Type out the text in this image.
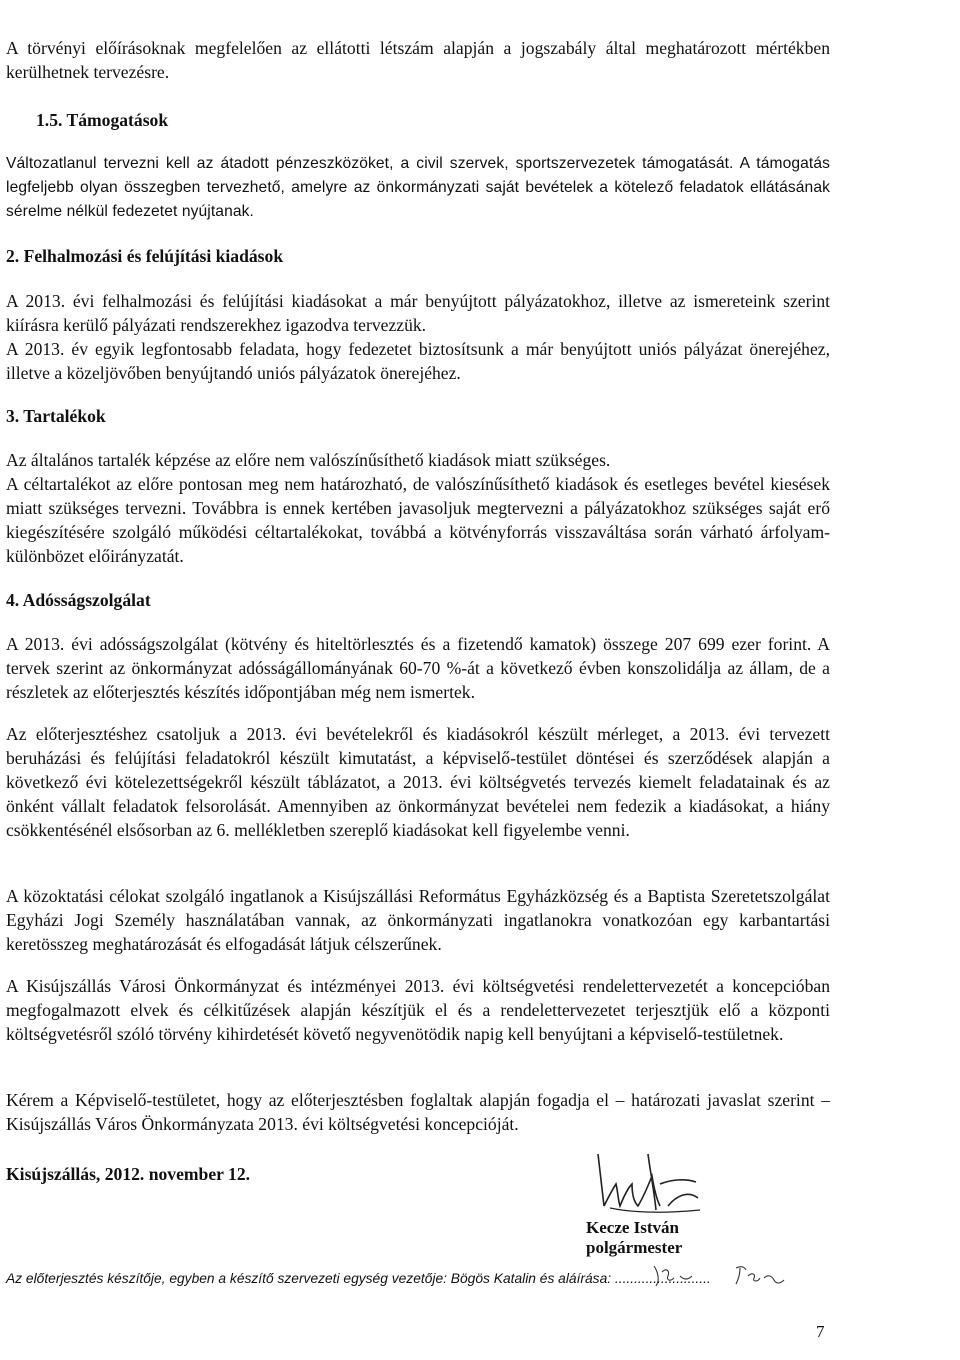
A törvényi előírásoknak megfelelően az ellátotti létszám alapján a jogszabály által meghatározott mértékben kerülhetnek tervezésre.

1.5. Támogatások

Változatlanul tervezni kell az átadott pénzeszközöket, a civil szervek, sportszervezetek támogatását. A támogatás legfeljebb olyan összegben tervezhető, amelyre az önkormányzati saját bevételek a kötelező feladatok ellátásának sérelme nélkül fedezetet nyújtanak.

2. Felhalmozási és felújítási kiadások

A 2013. évi felhalmozási és felújítási kiadásokat a már benyújtott pályázatokhoz, illetve az ismereteink szerint kiírásra kerülő pályázati rendszerekhez igazodva tervezzük.

A 2013. év egyik legfontosabb feladata, hogy fedezetet biztosítsunk a már benyújtott uniós pályázat önerejéhez, illetve a közeljövőben benyújtandó uniós pályázatok önerejéhez.

3. Tartalékok

Az általános tartalék képzése az előre nem valószínűsíthető kiadások miatt szükséges.

A céltartalékot az előre pontosan meg nem határozható, de valószínűsíthető kiadások és esetleges bevétel kiesések miatt szükséges tervezni. Továbbra is ennek kertében javasoljuk megtervezni a pályázatokhoz szükséges saját erő kiegészítésére szolgáló működési céltartalékokat, továbbá a kötvényforrás visszaváltása során várható árfolyam-különbözet előirányzatát.

4. Adósságszolgálat

A 2013. évi adósságszolgálat (kötvény és hiteltörlesztés és a fizetendő kamatok) összege 207 699 ezer forint. A tervek szerint az önkormányzat adósságállományának 60-70 %-át a következő évben konszolidálja az állam, de a részletek az előterjesztés készítés időpontjában még nem ismertek.

Az előterjesztéshez csatoljuk a 2013. évi bevételekről és kiadásokról készült mérleget, a 2013. évi tervezett beruházási és felújítási feladatokról készült kimutatást, a képviselő-testület döntései és szerződések alapján a következő évi kötelezettségekről készült táblázatot, a 2013. évi költségvetés tervezés kiemelt feladatainak és az önként vállalt feladatok felsorolását. Amennyiben az önkormányzat bevételei nem fedezik a kiadásokat, a hiány csökkentésénél elsősorban az 6. mellékletben szereplő kiadásokat kell figyelembe venni.

A közoktatási célokat szolgáló ingatlanok a Kisújszállási Református Egyházközség és a Baptista Szeretetszolgálat Egyházi Jogi Személy használatában vannak, az önkormányzati ingatlanokra vonatkozóan egy karbantartási keretösszeg meghatározását és elfogadását látjuk célszerűnek.

A Kisújszállás Városi Önkormányzat és intézményei 2013. évi költségvetési rendelettervezetét a koncepcióban megfogalmazott elvek és célkitűzések alapján készítjük el és a rendelettervezetet terjesztjük elő a központi költségvetésről szóló törvény kihirdetését követő negyvenötödik napig kell benyújtani a képviselő-testületnek.

Kérem a Képviselő-testületet, hogy az előterjesztésben foglaltak alapján fogadja el – határozati javaslat szerint – Kisújszállás Város Önkormányzata 2013. évi költségvetési koncepcióját.

Kisújszállás, 2012. november 12.

Kecze István
polgármester
Az előterjesztés készítője, egyben a készítő szervezeti egység vezetője: Bögös Katalin és aláírása: .........................
7
